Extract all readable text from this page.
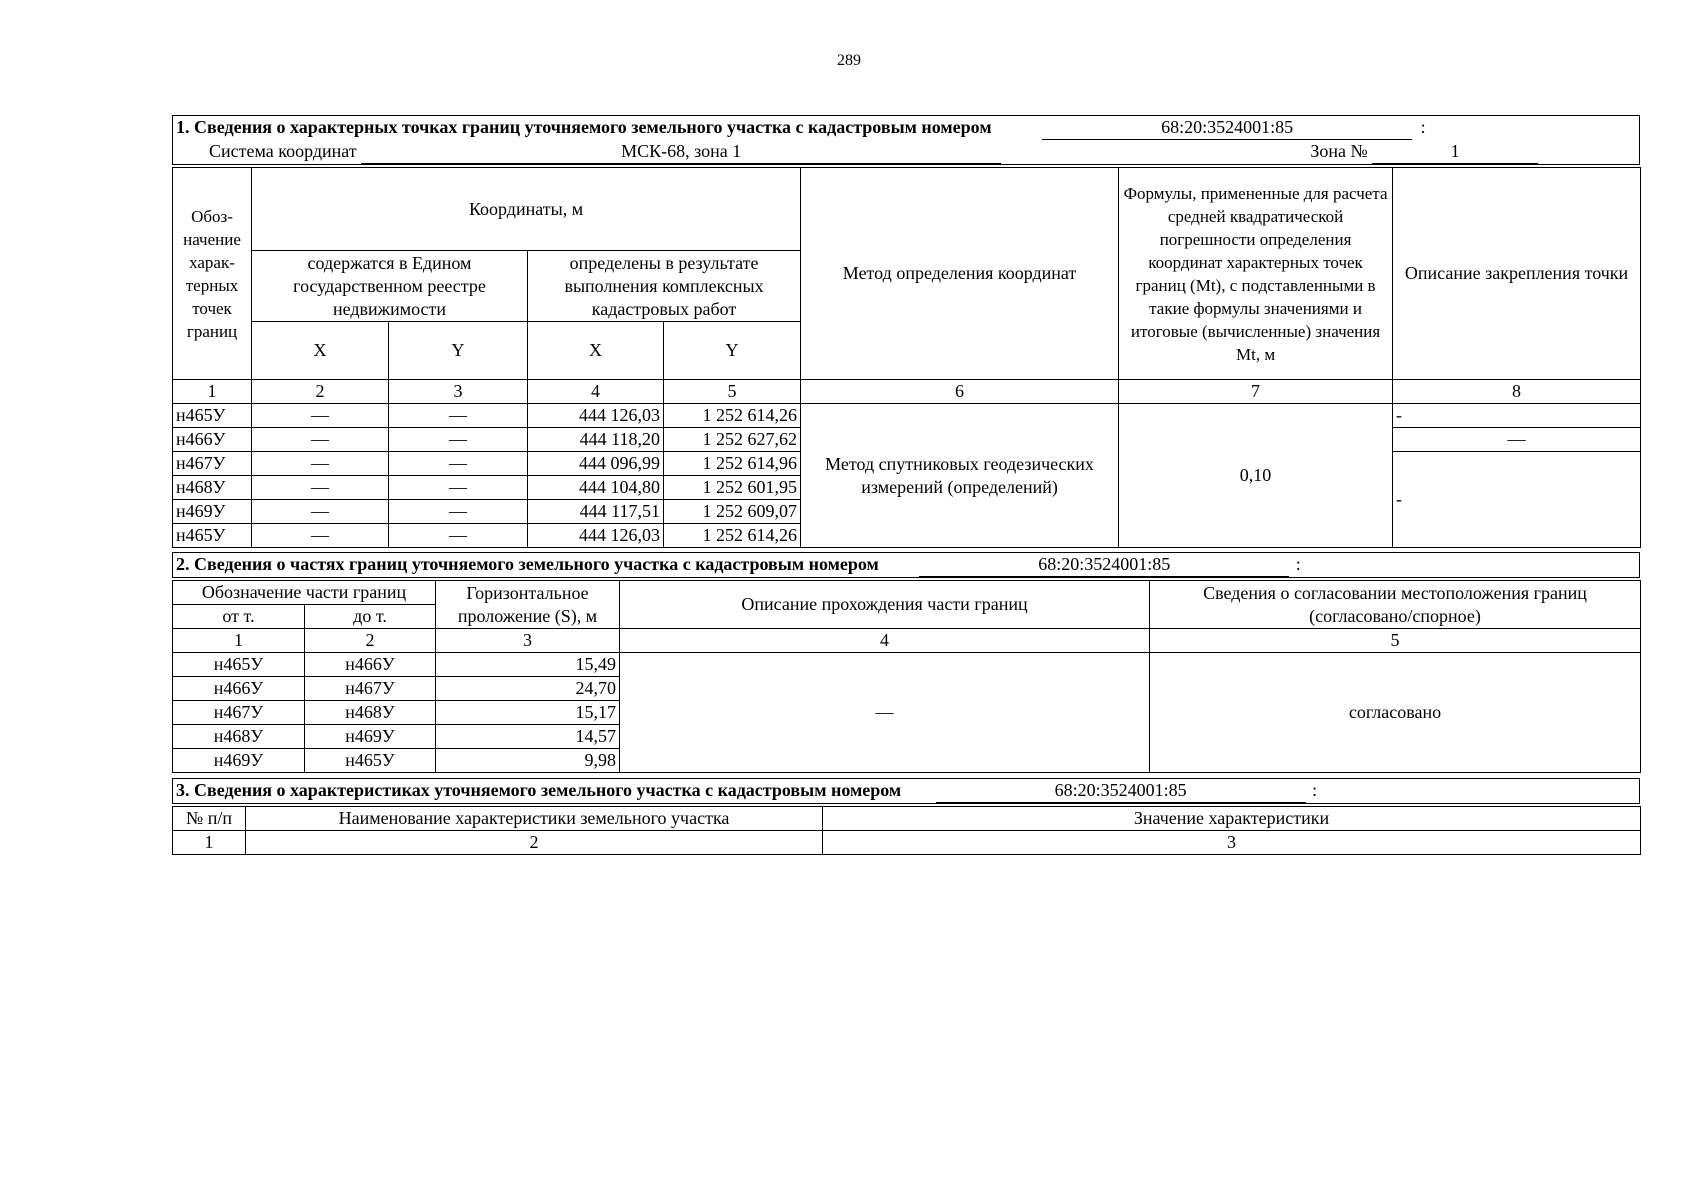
289
1. Сведения о характерных точках границ уточняемого земельного участка с кадастровым номером	68:20:3524001:85	:
Система координат	МСК-68, зона 1	Зона №	1
Обоз-начение харак-терных точек границ	Координаты, м				Метод определения координат	Формулы, примененные для расчета средней квадратической погрешности определения координат характерных точек границ (Mt), с подставленными в такие формулы значениями и итоговые (вычисленные) значения Mt, м	Описание закрепления точки
	содержатся в Едином государственном реестре недвижимости		определены в результате выполнения комплексных кадастровых работ				
	X	Y	X	Y			
1	2	3	4	5	6	7	8
н465У	—	—	444 126,03	1 252 614,26	Метод спутниковых геодезических измерений (определений)	0,10	-
н466У	—	—	444 118,20	1 252 627,62			—
н467У	—	—	444 096,99	1 252 614,96			-
н468У	—	—	444 104,80	1 252 601,95			
н469У	—	—	444 117,51	1 252 609,07			
н465У	—	—	444 126,03	1 252 614,26			
2. Сведения о частях границ уточняемого земельного участка с кадастровым номером	68:20:3524001:85	:
Обозначение части границ		Горизонтальное проложение (S), м	Описание прохождения части границ	Сведения о согласовании местоположения границ (согласовано/спорное)
от т.	до т.			
1	2	3	4	5
н465У	н466У	15,49	—	согласовано
н466У	н467У	24,70		
н467У	н468У	15,17		
н468У	н469У	14,57		
н469У	н465У	9,98		
3. Сведения о характеристиках уточняемого земельного участка с кадастровым номером	68:20:3524001:85	:
№ п/п	Наименование характеристики земельного участка	Значение характеристики
1	2	3
